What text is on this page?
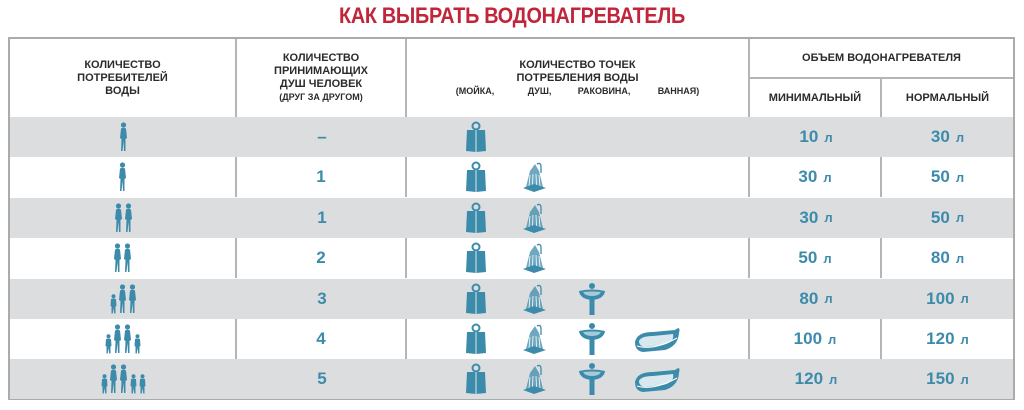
КАК ВЫБРАТЬ ВОДОНАГРЕВАТЕЛЬ
КОЛИЧЕСТВО
ПОТРЕБИТЕЛЕЙ
ВОДЫ
КОЛИЧЕСТВО
ПРИНИМАЮЩИХ
ДУШ ЧЕЛОВЕК
(ДРУГ ЗА ДРУГОМ)
КОЛИЧЕСТВО ТОЧЕК
ПОТРЕБЛЕНИЯ ВОДЫ
(МОЙКА,	ДУШ,	РАКОВИНА,	ВАННАЯ)
ОБЪЕМ ВОДОНАГРЕВАТЕЛЯ
МИНИМАЛЬНЫЙ	НОРМАЛЬНЫЙ
–	10 л	30 л
1	30 л	50 л
1	30 л	50 л
2	50 л	80 л
3	80 л	100 л
4	100 л	120 л
5	120 л	150 л
